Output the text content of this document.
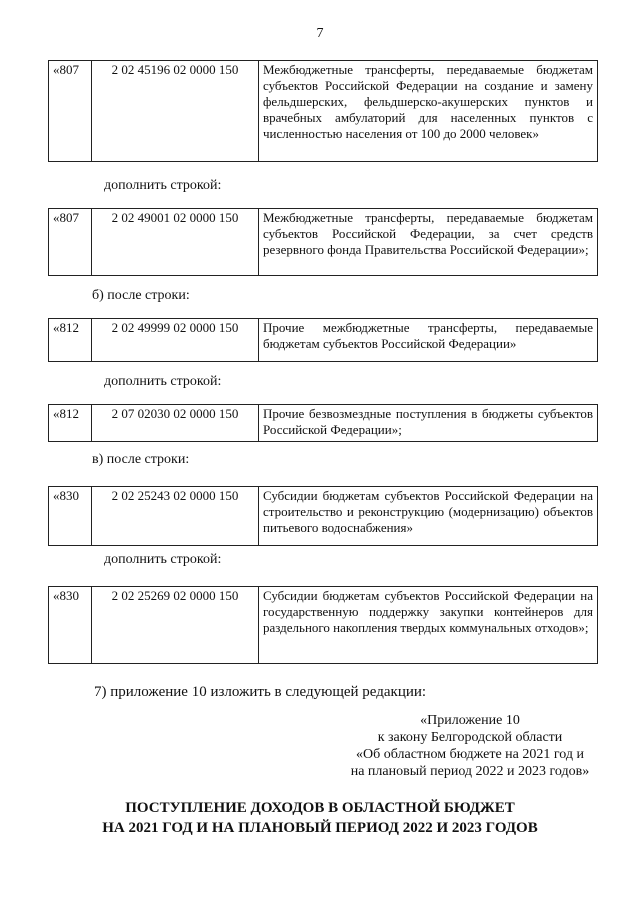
7
«807	2 02 45196 02 0000 150	Межбюджетные трансферты, передаваемые бюджетам субъектов Российской Федерации на создание и замену фельдшерских, фельдшерско-акушерских пунктов и врачебных амбулаторий для населенных пунктов с численностью населения от 100 до 2000 человек»
дополнить строкой:
«807	2 02 49001 02 0000 150	Межбюджетные трансферты, передаваемые бюджетам субъектов Российской Федерации, за счет средств резервного фонда Правительства Российской Федерации»;
б) после строки:
«812	2 02 49999 02 0000 150	Прочие межбюджетные трансферты, передаваемые бюджетам субъектов Российской Федерации»
дополнить строкой:
«812	2 07 02030 02 0000 150	Прочие безвозмездные поступления в бюджеты субъектов Российской Федерации»;
в) после строки:
«830	2 02 25243 02 0000 150	Субсидии бюджетам субъектов Российской Федерации на строительство и реконструкцию (модернизацию) объектов питьевого водоснабжения»
дополнить строкой:
«830	2 02 25269 02 0000 150	Субсидии бюджетам субъектов Российской Федерации на государственную поддержку закупки контейнеров для раздельного накопления твердых коммунальных отходов»;
7) приложение 10 изложить в следующей редакции:
«Приложение 10
к закону Белгородской области
«Об областном бюджете на 2021 год и
на плановый период 2022 и 2023 годов»
ПОСТУПЛЕНИЕ ДОХОДОВ В ОБЛАСТНОЙ БЮДЖЕТ
НА 2021 ГОД И НА ПЛАНОВЫЙ ПЕРИОД 2022 И 2023 ГОДОВ
